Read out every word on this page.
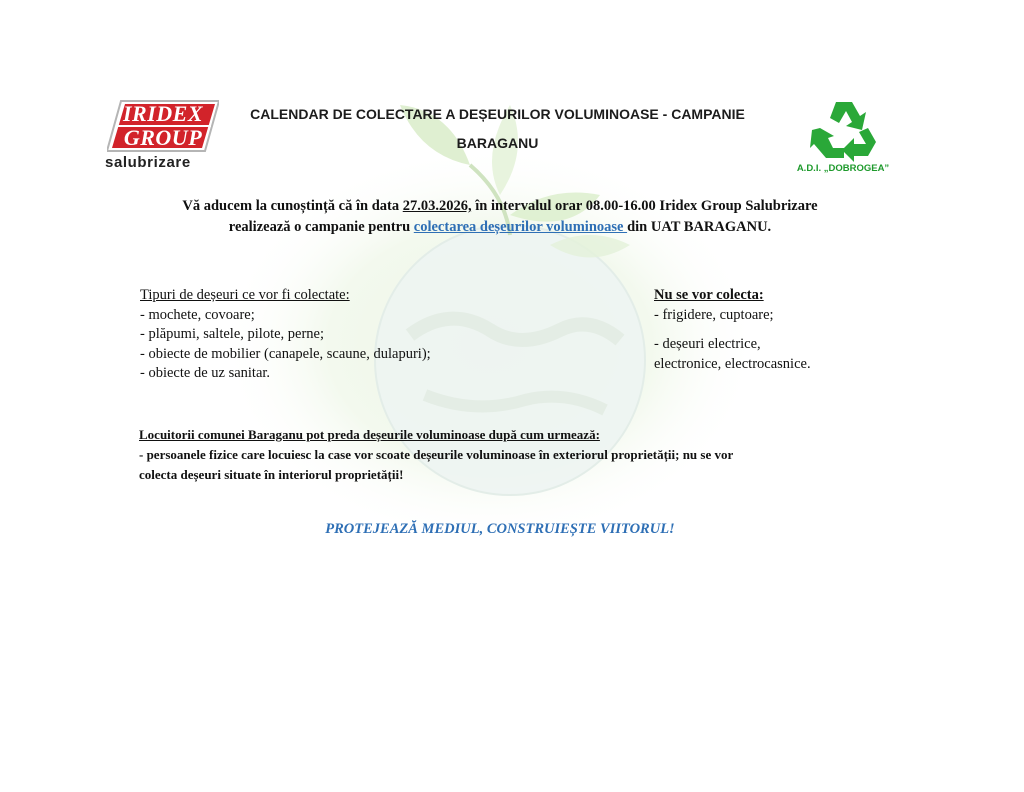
IRIDEX
GROUP
salubrizare
CALENDAR DE COLECTARE A DEȘEURILOR VOLUMINOASE - CAMPANIE
BARAGANU
A.D.I. „DOBROGEA”
Vă aducem la cunoștință că în data 27.03.2026, în intervalul orar 08.00-16.00 Iridex Group Salubrizare
realizează o campanie pentru colectarea deșeurilor voluminoase din UAT BARAGANU.
Tipuri de deșeuri ce vor fi colectate:
- mochete, covoare;
- plăpumi, saltele, pilote, perne;
- obiecte de mobilier (canapele, scaune, dulapuri);
- obiecte de uz sanitar.
Nu se vor colecta:
- frigidere, cuptoare;
- deșeuri electrice,
electronice, electrocasnice.
Locuitorii comunei Baraganu pot preda deșeurile voluminoase după cum urmează:
- persoanele fizice care locuiesc la case vor scoate deșeurile voluminoase în exteriorul proprietății; nu se vor
colecta deșeuri situate în interiorul proprietății!
PROTEJEAZĂ MEDIUL, CONSTRUIEȘTE VIITORUL!
